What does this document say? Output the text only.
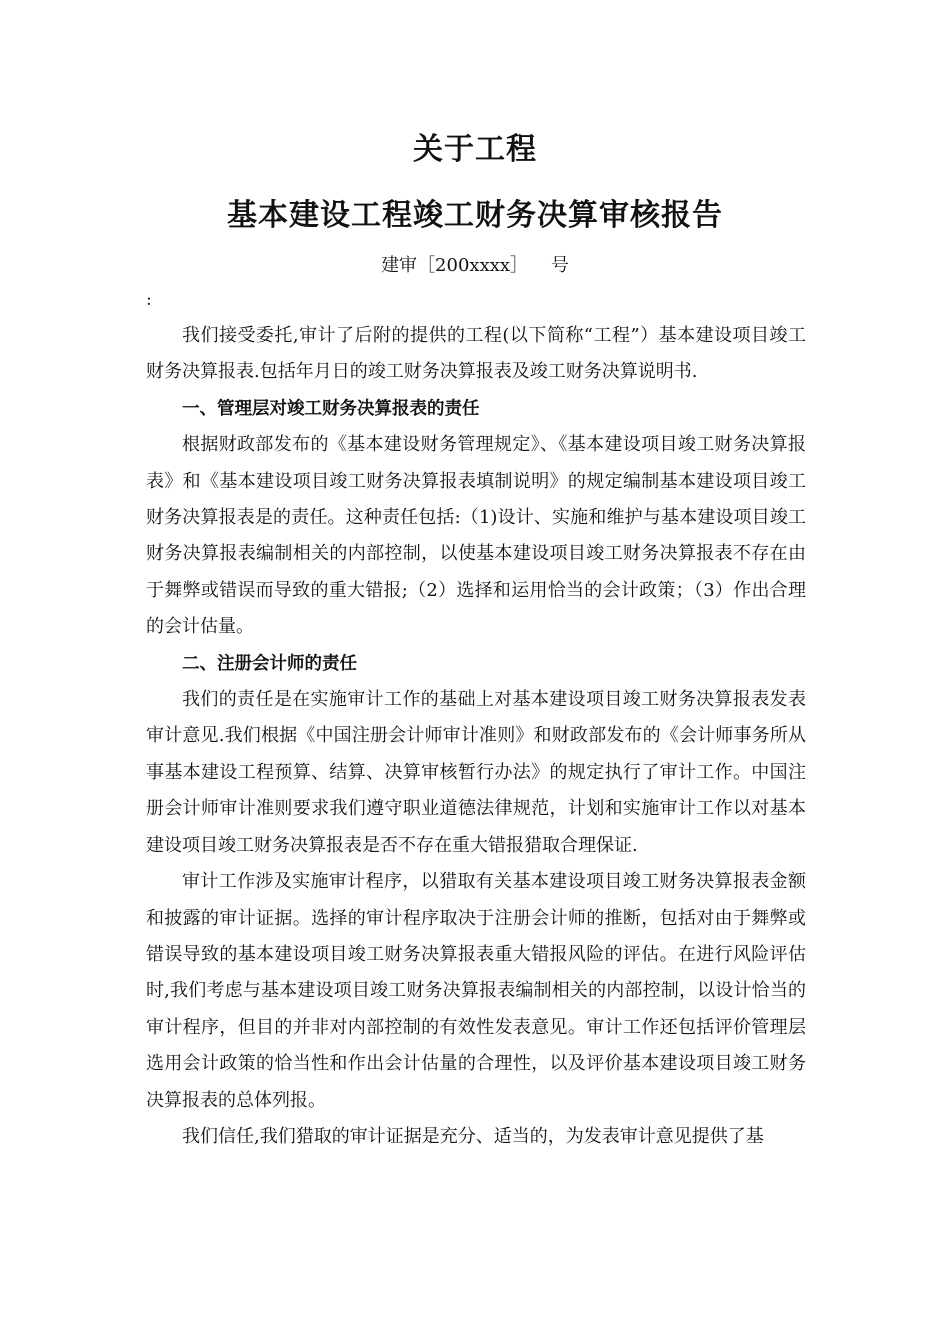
关于工程
基本建设工程竣工财务决算审核报告
建审［200xxxx］    号
:

我们接受委托,审计了后附的提供的工程(以下简称“工程”）基本建设项目竣工财务决算报表.包括年月日的竣工财务决算报表及竣工财务决算说明书.

一、管理层对竣工财务决算报表的责任

根据财政部发布的《基本建设财务管理规定》、《基本建设项目竣工财务决算报表》和《基本建设项目竣工财务决算报表填制说明》的规定编制基本建设项目竣工财务决算报表是的责任。这种责任包括:（1)设计、实施和维护与基本建设项目竣工财务决算报表编制相关的内部控制，以使基本建设项目竣工财务决算报表不存在由于舞弊或错误而导致的重大错报;（2）选择和运用恰当的会计政策；（3）作出合理的会计估量。

二、注册会计师的责任

我们的责任是在实施审计工作的基础上对基本建设项目竣工财务决算报表发表审计意见.我们根据《中国注册会计师审计准则》和财政部发布的《会计师事务所从事基本建设工程预算、结算、决算审核暂行办法》的规定执行了审计工作。中国注册会计师审计准则要求我们遵守职业道德法律规范，计划和实施审计工作以对基本建设项目竣工财务决算报表是否不存在重大错报猎取合理保证.

审计工作涉及实施审计程序，以猎取有关基本建设项目竣工财务决算报表金额和披露的审计证据。选择的审计程序取决于注册会计师的推断，包括对由于舞弊或错误导致的基本建设项目竣工财务决算报表重大错报风险的评估。在进行风险评估时,我们考虑与基本建设项目竣工财务决算报表编制相关的内部控制，以设计恰当的审计程序，但目的并非对内部控制的有效性发表意见。审计工作还包括评价管理层选用会计政策的恰当性和作出会计估量的合理性，以及评价基本建设项目竣工财务决算报表的总体列报。

我们信任,我们猎取的审计证据是充分、适当的，为发表审计意见提供了基
